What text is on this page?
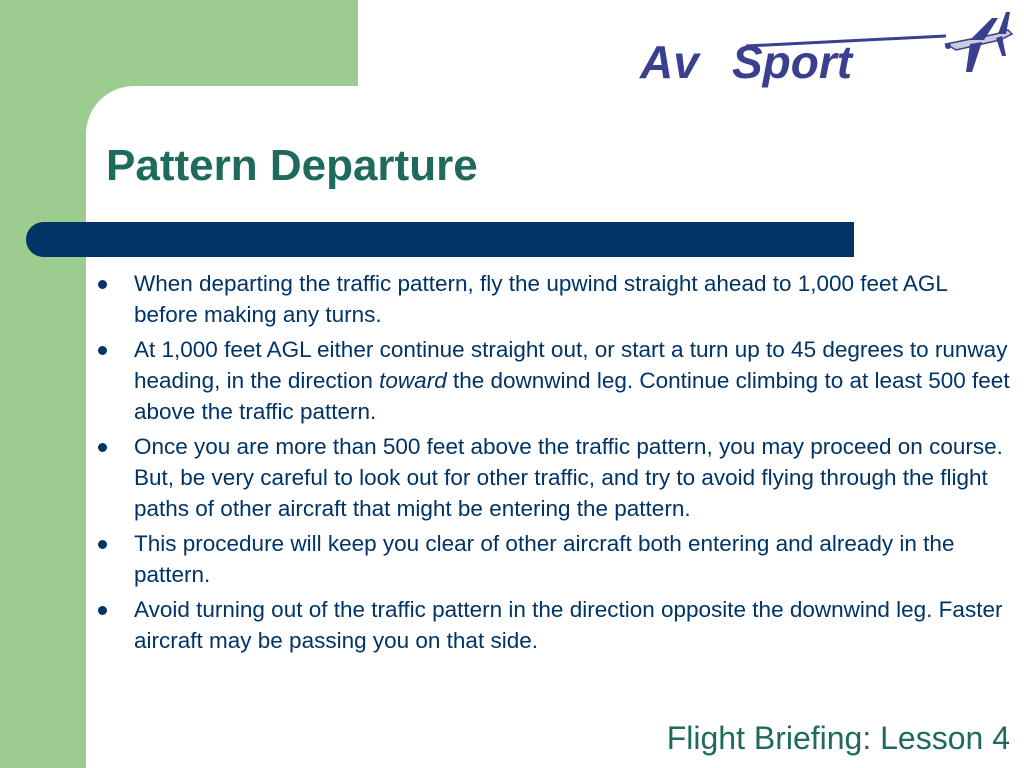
Av Sport
Pattern Departure
When departing the traffic pattern, fly the upwind straight ahead to 1,000 feet AGL before making any turns.
At 1,000 feet AGL either continue straight out, or start a turn up to 45 degrees to runway heading, in the direction toward the downwind leg. Continue climbing to at least 500 feet above the traffic pattern.
Once you are more than 500 feet above the traffic pattern, you may proceed on course. But, be very careful to look out for other traffic, and try to avoid flying through the flight paths of other aircraft that might be entering the pattern.
This procedure will keep you clear of other aircraft both entering and already in the pattern.
Avoid turning out of the traffic pattern in the direction opposite the downwind leg. Faster aircraft may be passing you on that side.
Flight Briefing: Lesson 4
